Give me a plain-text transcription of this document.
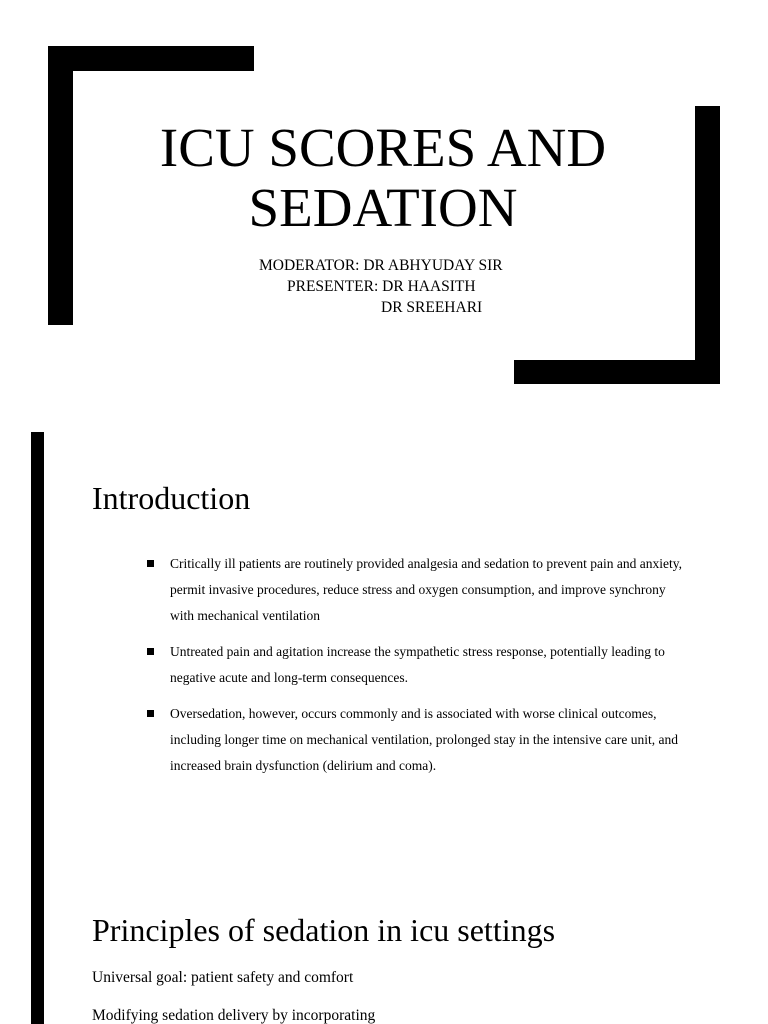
ICU SCORES AND
SEDATION

MODERATOR: DR ABHYUDAY SIR

PRESENTER: DR HAASITH

DR SREEHARI

Introduction
Critically ill patients are routinely provided analgesia and sedation to prevent pain and anxiety, permit invasive procedures, reduce stress and oxygen consumption, and improve synchrony with mechanical ventilation
Untreated pain and agitation increase the sympathetic stress response, potentially leading to negative acute and long-term consequences.
Oversedation, however, occurs commonly and is associated with worse clinical outcomes, including longer time on mechanical ventilation, prolonged stay in the intensive care unit, and increased brain dysfunction (delirium and coma).
Principles of sedation in icu settings

Universal goal: patient safety and comfort

Modifying sedation delivery by incorporating
